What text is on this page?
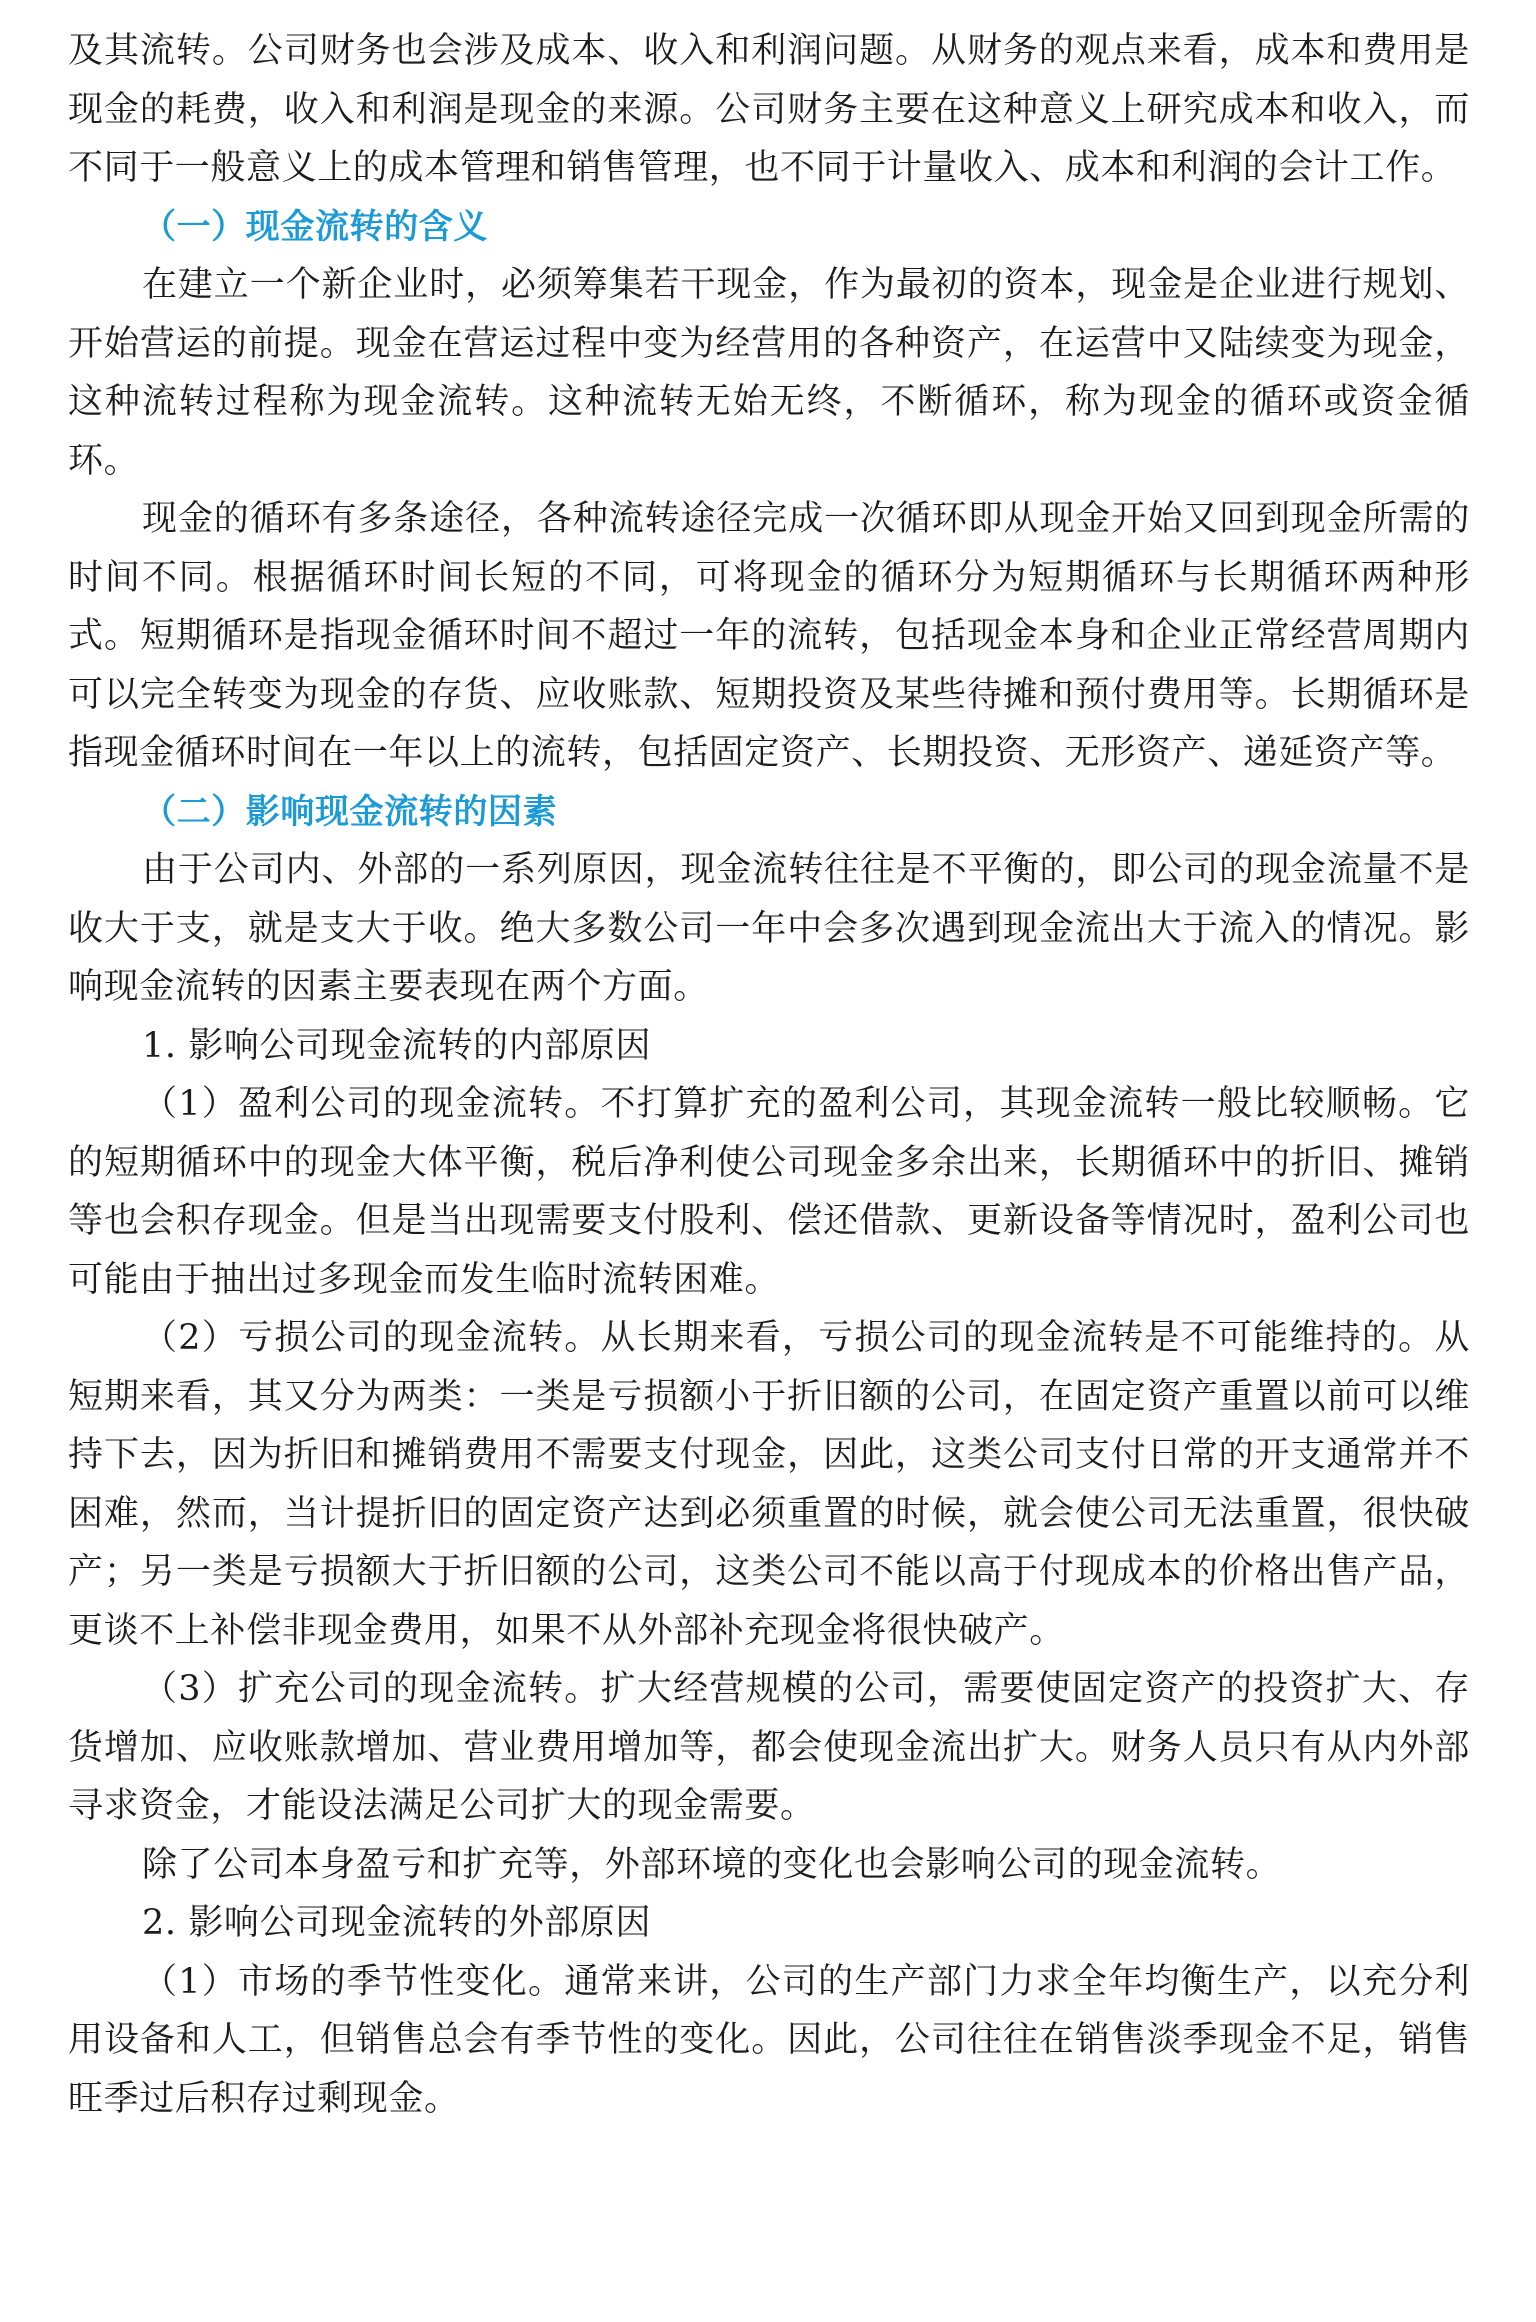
及其流转。公司财务也会涉及成本、收入和利润问题。从财务的观点来看，成本和费用是现金的耗费，收入和利润是现金的来源。公司财务主要在这种意义上研究成本和收入，而不同于一般意义上的成本管理和销售管理，也不同于计量收入、成本和利润的会计工作。

（一）现金流转的含义

在建立一个新企业时，必须筹集若干现金，作为最初的资本，现金是企业进行规划、开始营运的前提。现金在营运过程中变为经营用的各种资产，在运营中又陆续变为现金，这种流转过程称为现金流转。这种流转无始无终，不断循环，称为现金的循环或资金循环。

现金的循环有多条途径，各种流转途径完成一次循环即从现金开始又回到现金所需的时间不同。根据循环时间长短的不同，可将现金的循环分为短期循环与长期循环两种形式。短期循环是指现金循环时间不超过一年的流转，包括现金本身和企业正常经营周期内可以完全转变为现金的存货、应收账款、短期投资及某些待摊和预付费用等。长期循环是指现金循环时间在一年以上的流转，包括固定资产、长期投资、无形资产、递延资产等。

（二）影响现金流转的因素

由于公司内、外部的一系列原因，现金流转往往是不平衡的，即公司的现金流量不是收大于支，就是支大于收。绝大多数公司一年中会多次遇到现金流出大于流入的情况。影响现金流转的因素主要表现在两个方面。

1. 影响公司现金流转的内部原因

（1）盈利公司的现金流转。不打算扩充的盈利公司，其现金流转一般比较顺畅。它的短期循环中的现金大体平衡，税后净利使公司现金多余出来，长期循环中的折旧、摊销等也会积存现金。但是当出现需要支付股利、偿还借款、更新设备等情况时，盈利公司也可能由于抽出过多现金而发生临时流转困难。

（2）亏损公司的现金流转。从长期来看，亏损公司的现金流转是不可能维持的。从短期来看，其又分为两类：一类是亏损额小于折旧额的公司，在固定资产重置以前可以维持下去，因为折旧和摊销费用不需要支付现金，因此，这类公司支付日常的开支通常并不困难，然而，当计提折旧的固定资产达到必须重置的时候，就会使公司无法重置，很快破产；另一类是亏损额大于折旧额的公司，这类公司不能以高于付现成本的价格出售产品，更谈不上补偿非现金费用，如果不从外部补充现金将很快破产。

（3）扩充公司的现金流转。扩大经营规模的公司，需要使固定资产的投资扩大、存货增加、应收账款增加、营业费用增加等，都会使现金流出扩大。财务人员只有从内外部寻求资金，才能设法满足公司扩大的现金需要。

除了公司本身盈亏和扩充等，外部环境的变化也会影响公司的现金流转。

2. 影响公司现金流转的外部原因

（1）市场的季节性变化。通常来讲，公司的生产部门力求全年均衡生产，以充分利用设备和人工，但销售总会有季节性的变化。因此，公司往往在销售淡季现金不足，销售旺季过后积存过剩现金。
